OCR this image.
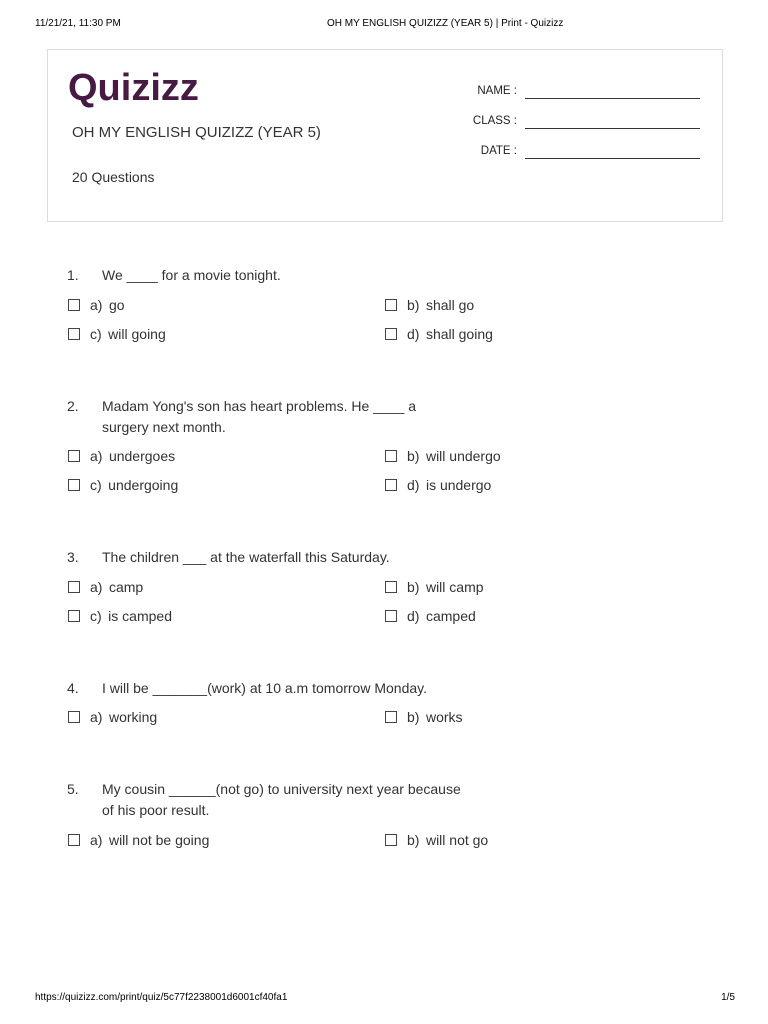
11/21/21, 11:30 PM	OH MY ENGLISH QUIZIZZ (YEAR 5) | Print - Quizizz
Quizizz
OH MY ENGLISH QUIZIZZ (YEAR 5)
20 Questions
NAME :
CLASS :
DATE :
1.	We ____ for a movie tonight.
a) go	b) shall go
c) will going	d) shall going
2.	Madam Yong's son has heart problems. He ____ a
surgery next month.
a) undergoes	b) will undergo
c) undergoing	d) is undergo
3.	The children ___ at the waterfall this Saturday.
a) camp	b) will camp
c) is camped	d) camped
4.	I will be _______(work) at 10 a.m tomorrow Monday.
a) working	b) works
5.	My cousin ______(not go) to university next year because
of his poor result.
a) will not be going	b) will not go
https://quizizz.com/print/quiz/5c77f2238001d6001cf40fa1	1/5
